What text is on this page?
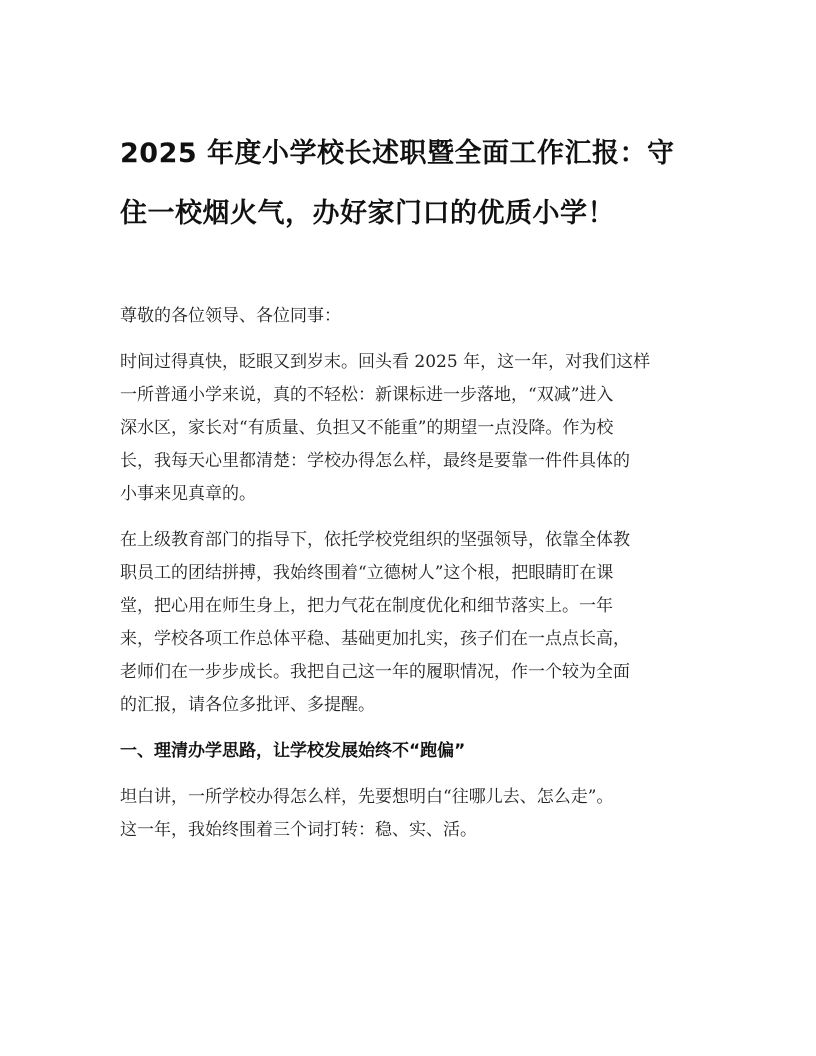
2025 年度小学校长述职暨全面工作汇报：守
住一校烟火气，办好家门口的优质小学！

尊敬的各位领导、各位同事：

时间过得真快，眨眼又到岁末。回头看 2025 年，这一年，对我们这样
一所普通小学来说，真的不轻松：新课标进一步落地，“双减”进入
深水区，家长对“有质量、负担又不能重”的期望一点没降。作为校
长，我每天心里都清楚：学校办得怎么样，最终是要靠一件件具体的
小事来见真章的。

在上级教育部门的指导下，依托学校党组织的坚强领导，依靠全体教
职员工的团结拼搏，我始终围着“立德树人”这个根，把眼睛盯在课
堂，把心用在师生身上，把力气花在制度优化和细节落实上。一年
来，学校各项工作总体平稳、基础更加扎实，孩子们在一点点长高，
老师们在一步步成长。我把自己这一年的履职情况，作一个较为全面
的汇报，请各位多批评、多提醒。

一、理清办学思路，让学校发展始终不“跑偏”

坦白讲，一所学校办得怎么样，先要想明白“往哪儿去、怎么走”。
这一年，我始终围着三个词打转：稳、实、活。
